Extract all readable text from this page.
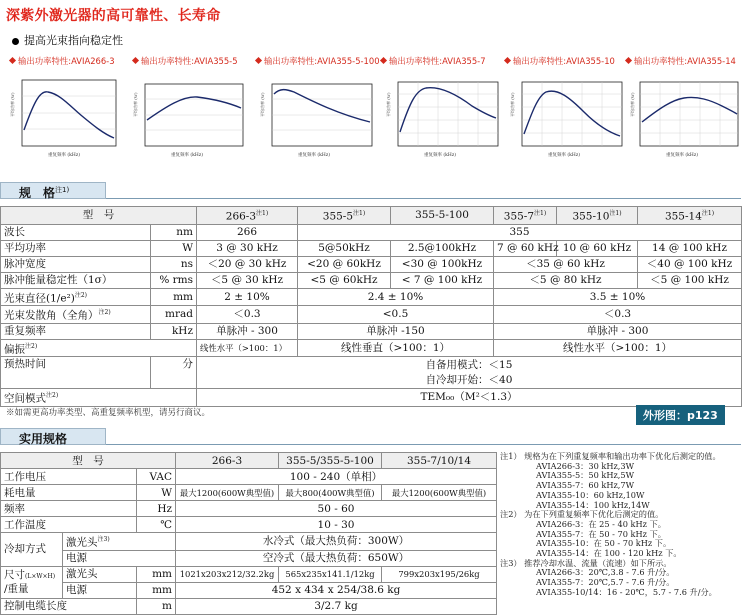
深紫外激光器的高可靠性、长寿命
提高光束指向稳定性
输出功率特性:AVIA266-3	输出功率特性:AVIA355-5	输出功率特性:AVIA355-5-100	输出功率特性:AVIA355-7	输出功率特性:AVIA355-10	输出功率特性:AVIA355-14
平均功率 (W)
重复频率 (kHz)
平均功率 (W)
重复频率 (kHz)
平均功率 (W)
重复频率 (kHz)
平均功率 (W)
重复频率 (kHz)
平均功率 (W)
重复频率 (kHz)
平均功率 (W)
重复频率 (kHz)
规　格$^{注1)}$
型　号		266-3$^{注1)}$	355-5$^{注1)}$	355-5-100	355-7$^{注1)}$	355-10$^{注1)}$	355-14$^{注1)}$
波长	nm	266	355				
平均功率	W	3 @ 30 kHz	5@50kHz	2.5@100kHz	7 @ 60 kHz	10 @ 60 kHz	14 @ 100 kHz
脉冲宽度	ns	＜20 @ 30 kHz	<20 @ 60kHz	<30 @ 100kHz	＜35 @ 60 kHz		＜40 @ 100 kHz
脉冲能量稳定性（1σ）	% rms	＜5 @ 30 kHz	<5 @ 60kHz	< 7 @ 100 kHz	＜5 @ 80 kHz		＜5 @ 100 kHz
光束直径$(1/e^2)^{注2)}$	mm	2 ± 10%	2.4 ± 10%		3.5 ± 10%		
光束发散角（全角）$^{注2)}$	mrad	＜0.3	<0.5		＜0.3		
重复频率	kHz	单脉冲 - 300	单脉冲 -150		单脉冲 - 300		
偏振$^{注2)}$		线性水平（>100：1）	线性垂直（>100：1）		线性水平（>100：1）		
预热时间	分	自备用模式：＜15
自冷却开始：＜40					

空间模式$^{注2)}$		TEM₀₀（M²＜1.3）					
※如需更高功率类型、高重复频率机型，请另行商议。	外形图：p123
实用规格
型　号			266-3	355-5/355-5-100	355-7/10/14
工作电压		VAC	100 - 240（单相）		
耗电量		W	最大1200(600W典型值)	最大800(400W典型值)	最大1200(600W典型值)
频率		Hz	50 - 60		
工作温度		℃	10 - 30		
冷却方式	激光头$^{注3)}$		水冷式（最大热负荷：300W）		
	电源		空冷式（最大热负荷：650W）		
尺寸(L×W×H)
/重量	激光头	mm	1021x203x212/32.2kg	565x235x141.1/12kg	799x203x195/26kg
	电源	mm	452 x 434 x 254/38.6 kg		
控制电缆长度		m	3/2.7 kg		
注1） 规格为在下列重复频率和输出功率下优化后测定的值。
AVIA266-3：30 kHz,3W
AVIA355-5：50 kHz,5W
AVIA355-7：60 kHz,7W
AVIA355-10：60 kHz,10W
AVIA355-14：100 kHz,14W
注2） 为在下列重复频率下优化后测定的值。
AVIA266-3：在 25 - 40 kHz 下。
AVIA355-7：在 50 - 70 kHz 下。
AVIA355-10：在 50 - 70 kHz 下。
AVIA355-14：在 100 - 120 kHz 下。
注3） 推荐冷却水温、流量（流速）如下所示。
AVIA266-3：20℃,3.8 - 7.6 升/分。
AVIA355-7：20℃,5.7 - 7.6 升/分。
AVIA355-10/14：16 - 20℃，5.7 - 7.6 升/分。
